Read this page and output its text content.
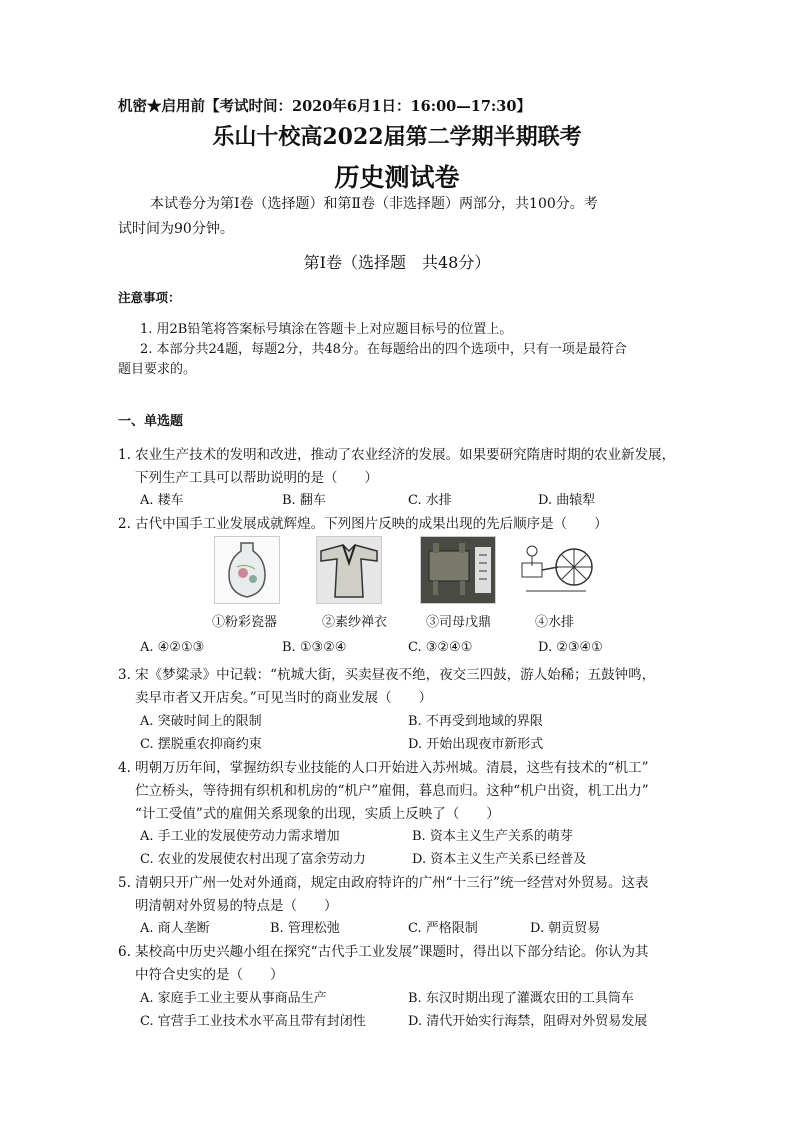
机密★启用前【考试时间：2020年6月1日：16:00—17:30】
乐山十校高2022届第二学期半期联考
历史测试卷
本试卷分为第Ⅰ卷（选择题）和第Ⅱ卷（非选择题）两部分，共100分。考
试时间为90分钟。
第Ⅰ卷（选择题　共48分）
注意事项：
1. 用2B铅笔将答案标号填涂在答题卡上对应题目标号的位置上。
2. 本部分共24题，每题2分，共48分。在每题给出的四个选项中，只有一项是最符合
题目要求的。
一、单选题
1. 农业生产技术的发明和改进，推动了农业经济的发展。如果要研究隋唐时期的农业新发展，
下列生产工具可以帮助说明的是（　　）
A. 耧车	B. 翻车	C. 水排	D. 曲辕犁
2. 古代中国手工业发展成就辉煌。下列图片反映的成果出现的先后顺序是（　　）
①粉彩瓷器	②素纱禅衣	③司母戊鼎	④水排
A. ④②①③	B. ①③②④	C. ③②④①	D. ②③④①
3. 宋《梦粱录》中记载：“杭城大街，买卖昼夜不绝，夜交三四鼓，游人始稀；五鼓钟鸣，
卖早市者又开店矣。”可见当时的商业发展（　　）
A. 突破时间上的限制	B. 不再受到地域的界限
C. 摆脱重农抑商约束	D. 开始出现夜市新形式
4. 明朝万历年间，掌握纺织专业技能的人口开始进入苏州城。清晨，这些有技术的“机工”
伫立桥头，等待拥有织机和机房的“机户”雇佣，暮息而归。这种“机户出资，机工出力”
“计工受值”式的雇佣关系现象的出现，实质上反映了（　　）
A. 手工业的发展使劳动力需求增加	B. 资本主义生产关系的萌芽
C. 农业的发展使农村出现了富余劳动力	D. 资本主义生产关系已经普及
5. 清朝只开广州一处对外通商，规定由政府特许的广州“十三行”统一经营对外贸易。这表
明清朝对外贸易的特点是（　　）
A. 商人垄断	B. 管理松弛	C. 严格限制	D. 朝贡贸易
6. 某校高中历史兴趣小组在探究“古代手工业发展”课题时，得出以下部分结论。你认为其
中符合史实的是（　　）
A. 家庭手工业主要从事商品生产	B. 东汉时期出现了灌溉农田的工具筒车
C. 官营手工业技术水平高且带有封闭性	D. 清代开始实行海禁，阻碍对外贸易发展
